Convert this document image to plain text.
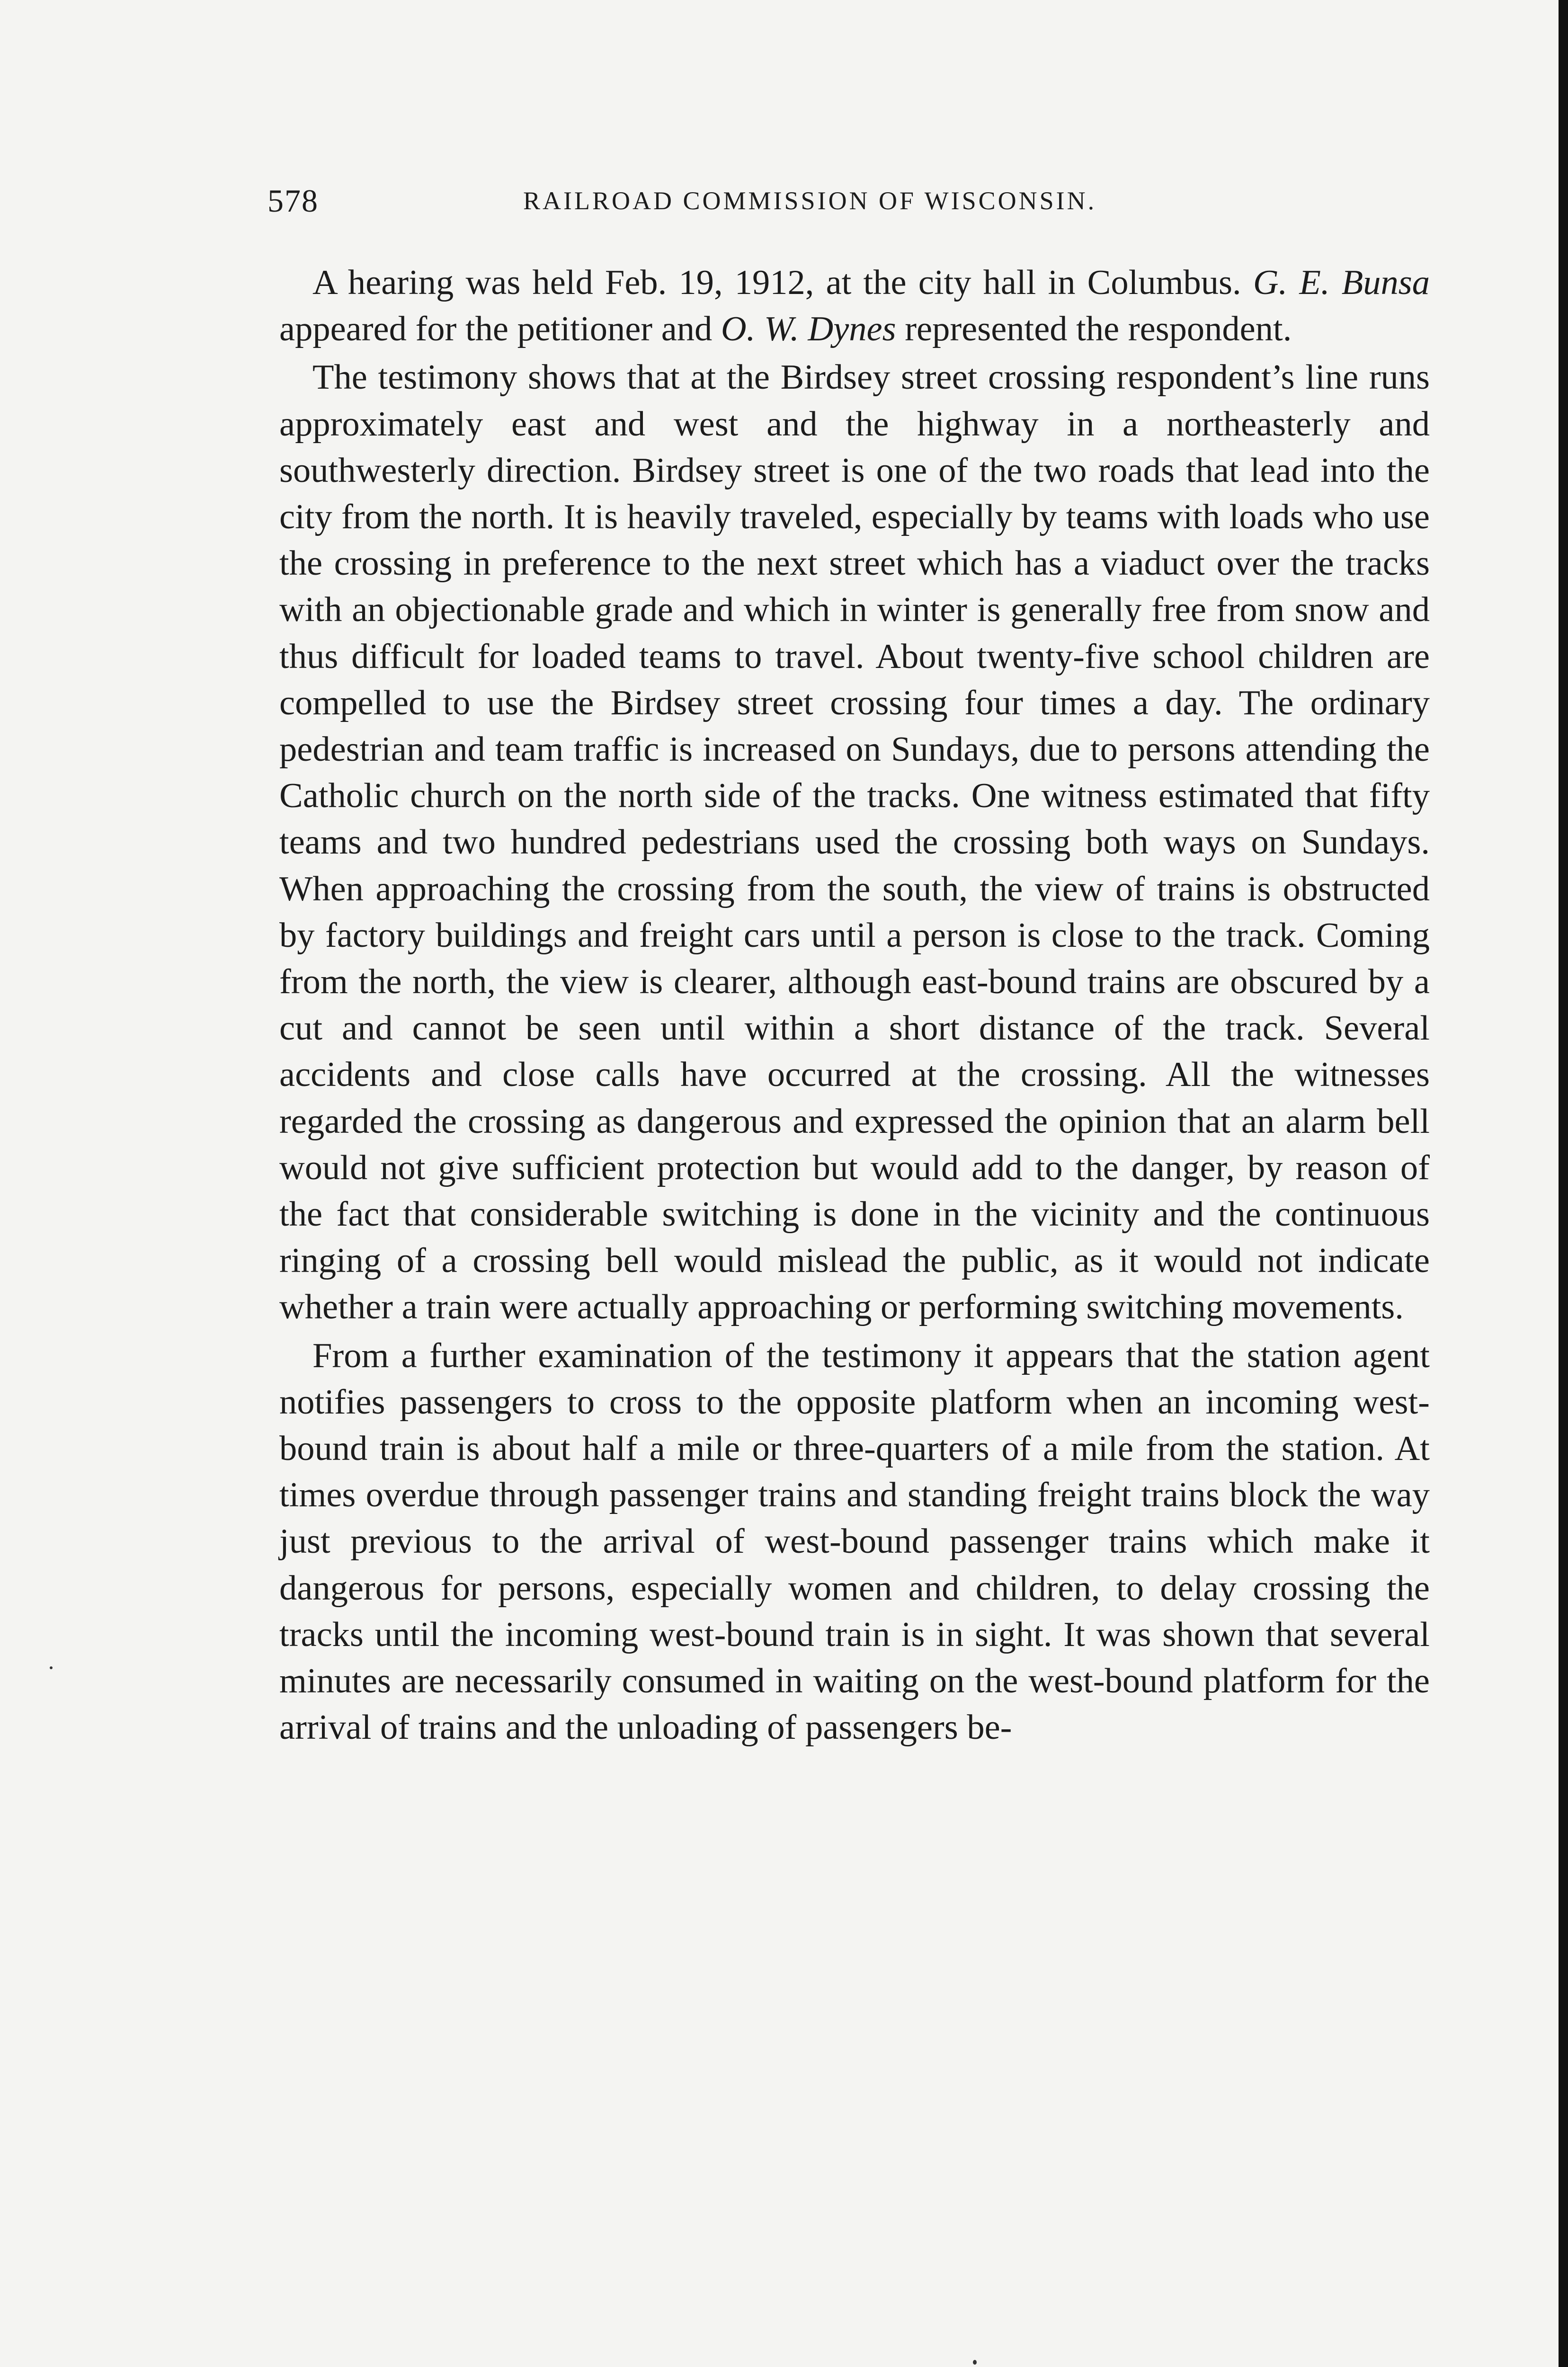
578	RAILROAD COMMISSION OF WISCONSIN.

A hearing was held Feb. 19, 1912, at the city hall in Columbus. G. E. Bunsa appeared for the petitioner and O. W. Dynes represented the respondent.

The testimony shows that at the Birdsey street crossing respondent’s line runs approximately east and west and the highway in a northeasterly and southwesterly direction. Birdsey street is one of the two roads that lead into the city from the north. It is heavily traveled, especially by teams with loads who use the crossing in preference to the next street which has a viaduct over the tracks with an objectionable grade and which in winter is generally free from snow and thus difficult for loaded teams to travel. About twenty-five school children are compelled to use the Birdsey street crossing four times a day. The ordinary pedestrian and team traffic is increased on Sundays, due to persons attending the Catholic church on the north side of the tracks. One witness estimated that fifty teams and two hundred pedestrians used the crossing both ways on Sundays. When approaching the crossing from the south, the view of trains is obstructed by factory buildings and freight cars until a person is close to the track. Coming from the north, the view is clearer, although east-bound trains are obscured by a cut and cannot be seen until within a short distance of the track. Several accidents and close calls have occurred at the crossing. All the witnesses regarded the crossing as dangerous and expressed the opinion that an alarm bell would not give sufficient protection but would add to the danger, by reason of the fact that considerable switching is done in the vicinity and the continuous ringing of a crossing bell would mislead the public, as it would not indicate whether a train were actually approaching or performing switching movements.

From a further examination of the testimony it appears that the station agent notifies passengers to cross to the opposite platform when an incoming west-bound train is about half a mile or three-quarters of a mile from the station. At times overdue through passenger trains and standing freight trains block the way just previous to the arrival of west-bound passenger trains which make it dangerous for persons, especially women and children, to delay crossing the tracks until the incoming west-bound train is in sight. It was shown that several minutes are necessarily consumed in waiting on the west-bound platform for the arrival of trains and the unloading of passengers be-
